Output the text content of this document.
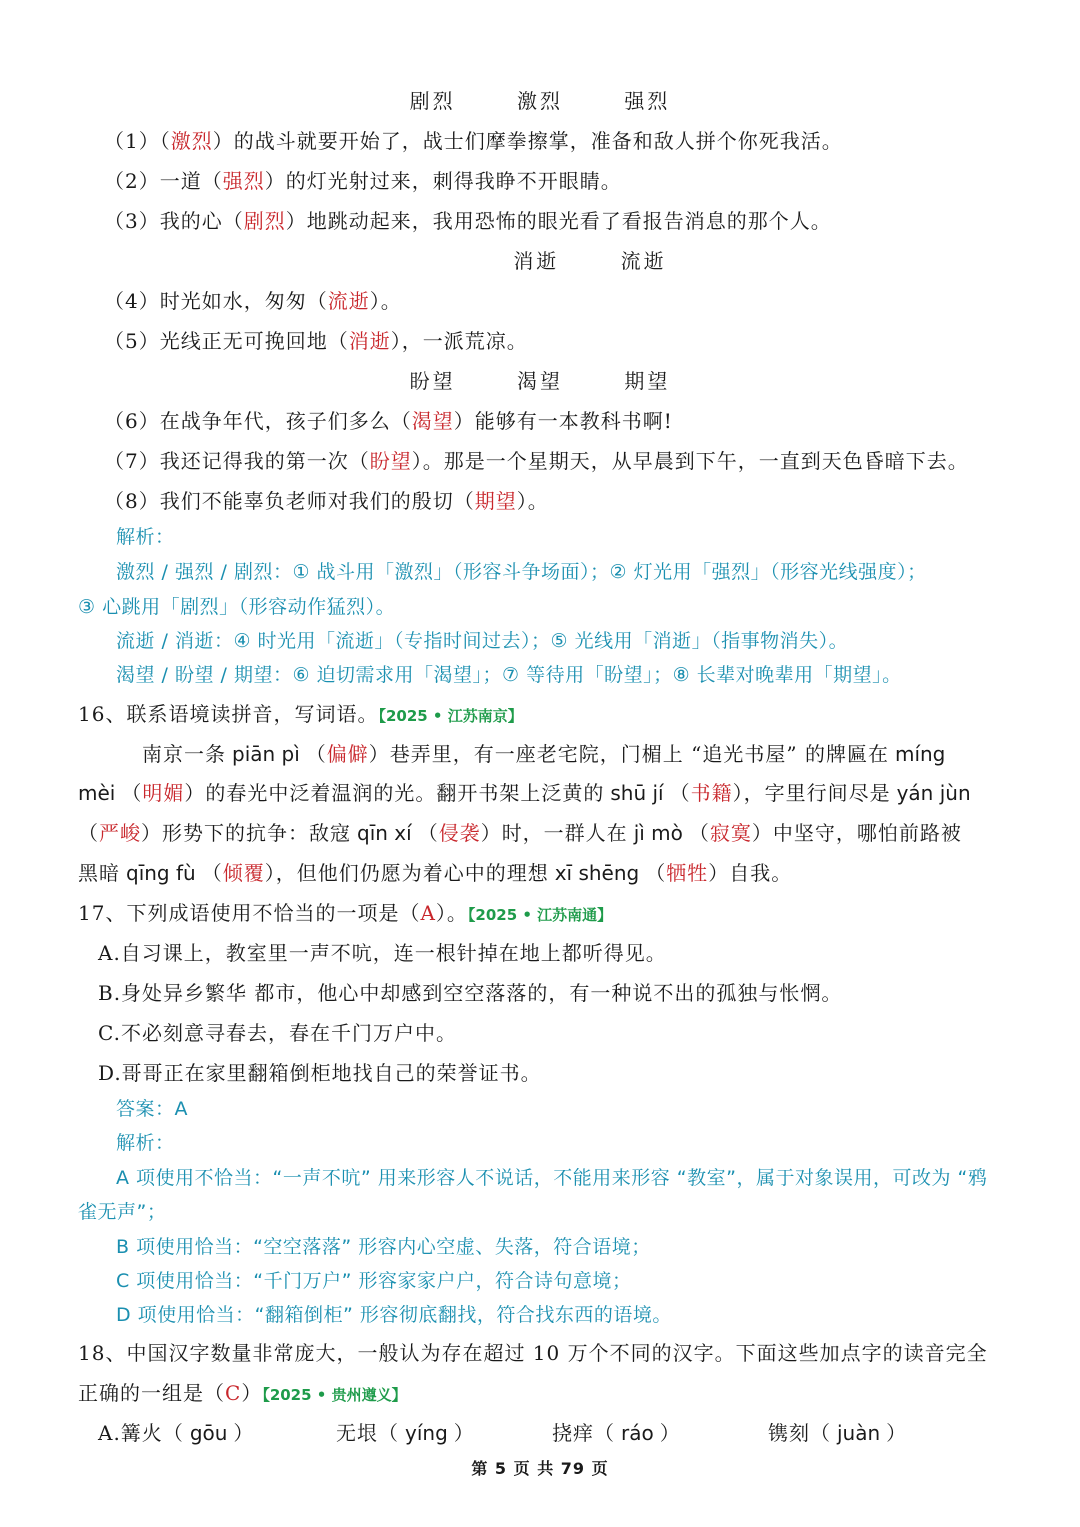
剧烈	激烈	强烈
（1）（激烈）的战斗就要开始了，战士们摩拳擦掌，准备和敌人拼个你死我活。
（2）一道（强烈）的灯光射过来，刺得我睁不开眼睛。
（3）我的心（剧烈）地跳动起来，我用恐怖的眼光看了看报告消息的那个人。
消逝	流逝
（4）时光如水，匆匆（流逝）。
（5）光线正无可挽回地（消逝），一派荒凉。
盼望	渴望	期望
（6）在战争年代，孩子们多么（渴望）能够有一本教科书啊!
（7）我还记得我的第一次（盼望）。那是一个星期天，从早晨到下午，一直到天色昏暗下去。
（8）我们不能辜负老师对我们的殷切（期望）。
解析：
激烈 / 强烈 / 剧烈：① 战斗用「激烈」（形容斗争场面）；② 灯光用「强烈」（形容光线强度）；
③ 心跳用「剧烈」（形容动作猛烈）。
流逝 / 消逝：④ 时光用「流逝」（专指时间过去）；⑤ 光线用「消逝」（指事物消失）。
渴望 / 盼望 / 期望：⑥ 迫切需求用「渴望」；⑦ 等待用「盼望」；⑧ 长辈对晚辈用「期望」。
16、联系语境读拼音，写词语。【2025 • 江苏南京】
南京一条 piān pì （偏僻）巷弄里，有一座老宅院，门楣上 “追光书屋” 的牌匾在 míng
mèi （明媚）的春光中泛着温润的光。翻开书架上泛黄的 shū jí （书籍），字里行间尽是 yán jùn
（严峻）形势下的抗争：敌寇 qīn xí （侵袭）时，一群人在 jì mò （寂寞）中坚守，哪怕前路被
黑暗 qīng fù （倾覆），但他们仍愿为着心中的理想 xī shēng （牺牲）自我。
17、下列成语使用不恰当的一项是（A）。【2025 • 江苏南通】
A.自习课上，教室里一声不吭，连一根针掉在地上都听得见。
B.身处异乡繁华 都市，他心中却感到空空落落的，有一种说不出的孤独与怅惘。
C.不必刻意寻春去，春在千门万户中。
D.哥哥正在家里翻箱倒柜地找自己的荣誉证书。
答案：A
解析：
A 项使用不恰当：“一声不吭” 用来形容人不说话，不能用来形容 “教室”，属于对象误用，可改为 “鸦
雀无声”；
B 项使用恰当：“空空落落” 形容内心空虚、失落，符合语境；
C 项使用恰当：“千门万户” 形容家家户户，符合诗句意境；
D 项使用恰当：“翻箱倒柜” 形容彻底翻找，符合找东西的语境。
18、中国汉字数量非常庞大，一般认为存在超过 10 万个不同的汉字。下面这些加点字的读音完全
正确的一组是（C）【2025 • 贵州遵义】
A.篝火（ gōu ）	无垠（ yíng ）	挠痒（ ráo ）	镌刻（ juàn ）
第 5 页 共 79 页
